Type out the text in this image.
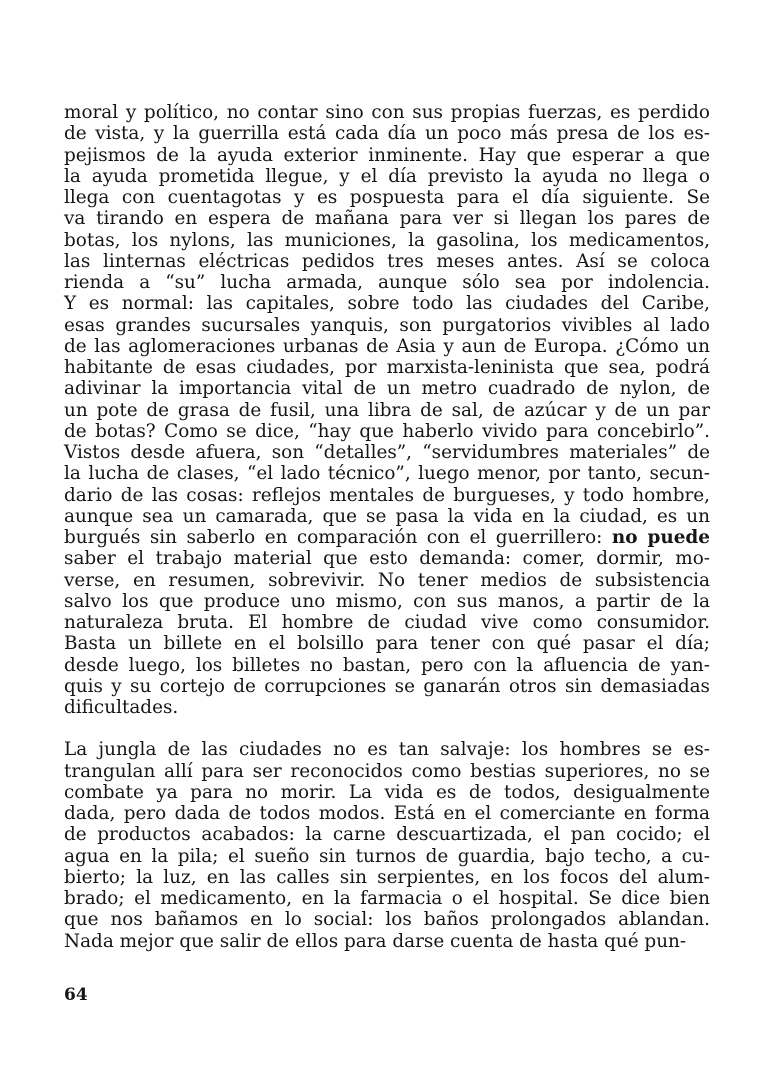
moral y político, no contar sino con sus propias fuerzas, es perdido
de vista, y la guerrilla está cada día un poco más presa de los es-
pejismos de la ayuda exterior inminente. Hay que esperar a que
la ayuda prometida llegue, y el día previsto la ayuda no llega o
llega con cuentagotas y es pospuesta para el día siguiente. Se
va tirando en espera de mañana para ver si llegan los pares de
botas, los nylons, las municiones, la gasolina, los medicamentos,
las linternas eléctricas pedidos tres meses antes. Así se coloca
rienda a “su” lucha armada, aunque sólo sea por indolencia.
Y es normal: las capitales, sobre todo las ciudades del Caribe,
esas grandes sucursales yanquis, son purgatorios vivibles al lado
de las aglomeraciones urbanas de Asia y aun de Europa. ¿Cómo un
habitante de esas ciudades, por marxista-leninista que sea, podrá
adivinar la importancia vital de un metro cuadrado de nylon, de
un pote de grasa de fusil, una libra de sal, de azúcar y de un par
de botas? Como se dice, “hay que haberlo vivido para concebirlo”.
Vistos desde afuera, son “detalles”, “servidumbres materiales” de
la lucha de clases, “el lado técnico”, luego menor, por tanto, secun-
dario de las cosas: reflejos mentales de burgueses, y todo hombre,
aunque sea un camarada, que se pasa la vida en la ciudad, es un
burgués sin saberlo en comparación con el guerrillero: no puede
saber el trabajo material que esto demanda: comer, dormir, mo-
verse, en resumen, sobrevivir. No tener medios de subsistencia
salvo los que produce uno mismo, con sus manos, a partir de la
naturaleza bruta. El hombre de ciudad vive como consumidor.
Basta un billete en el bolsillo para tener con qué pasar el día;
desde luego, los billetes no bastan, pero con la afluencia de yan-
quis y su cortejo de corrupciones se ganarán otros sin demasiadas
dificultades.
La jungla de las ciudades no es tan salvaje: los hombres se es-
trangulan allí para ser reconocidos como bestias superiores, no se
combate ya para no morir. La vida es de todos, desigualmente
dada, pero dada de todos modos. Está en el comerciante en forma
de productos acabados: la carne descuartizada, el pan cocido; el
agua en la pila; el sueño sin turnos de guardia, bajo techo, a cu-
bierto; la luz, en las calles sin serpientes, en los focos del alum-
brado; el medicamento, en la farmacia o el hospital. Se dice bien
que nos bañamos en lo social: los baños prolongados ablandan.
Nada mejor que salir de ellos para darse cuenta de hasta qué pun-
64
